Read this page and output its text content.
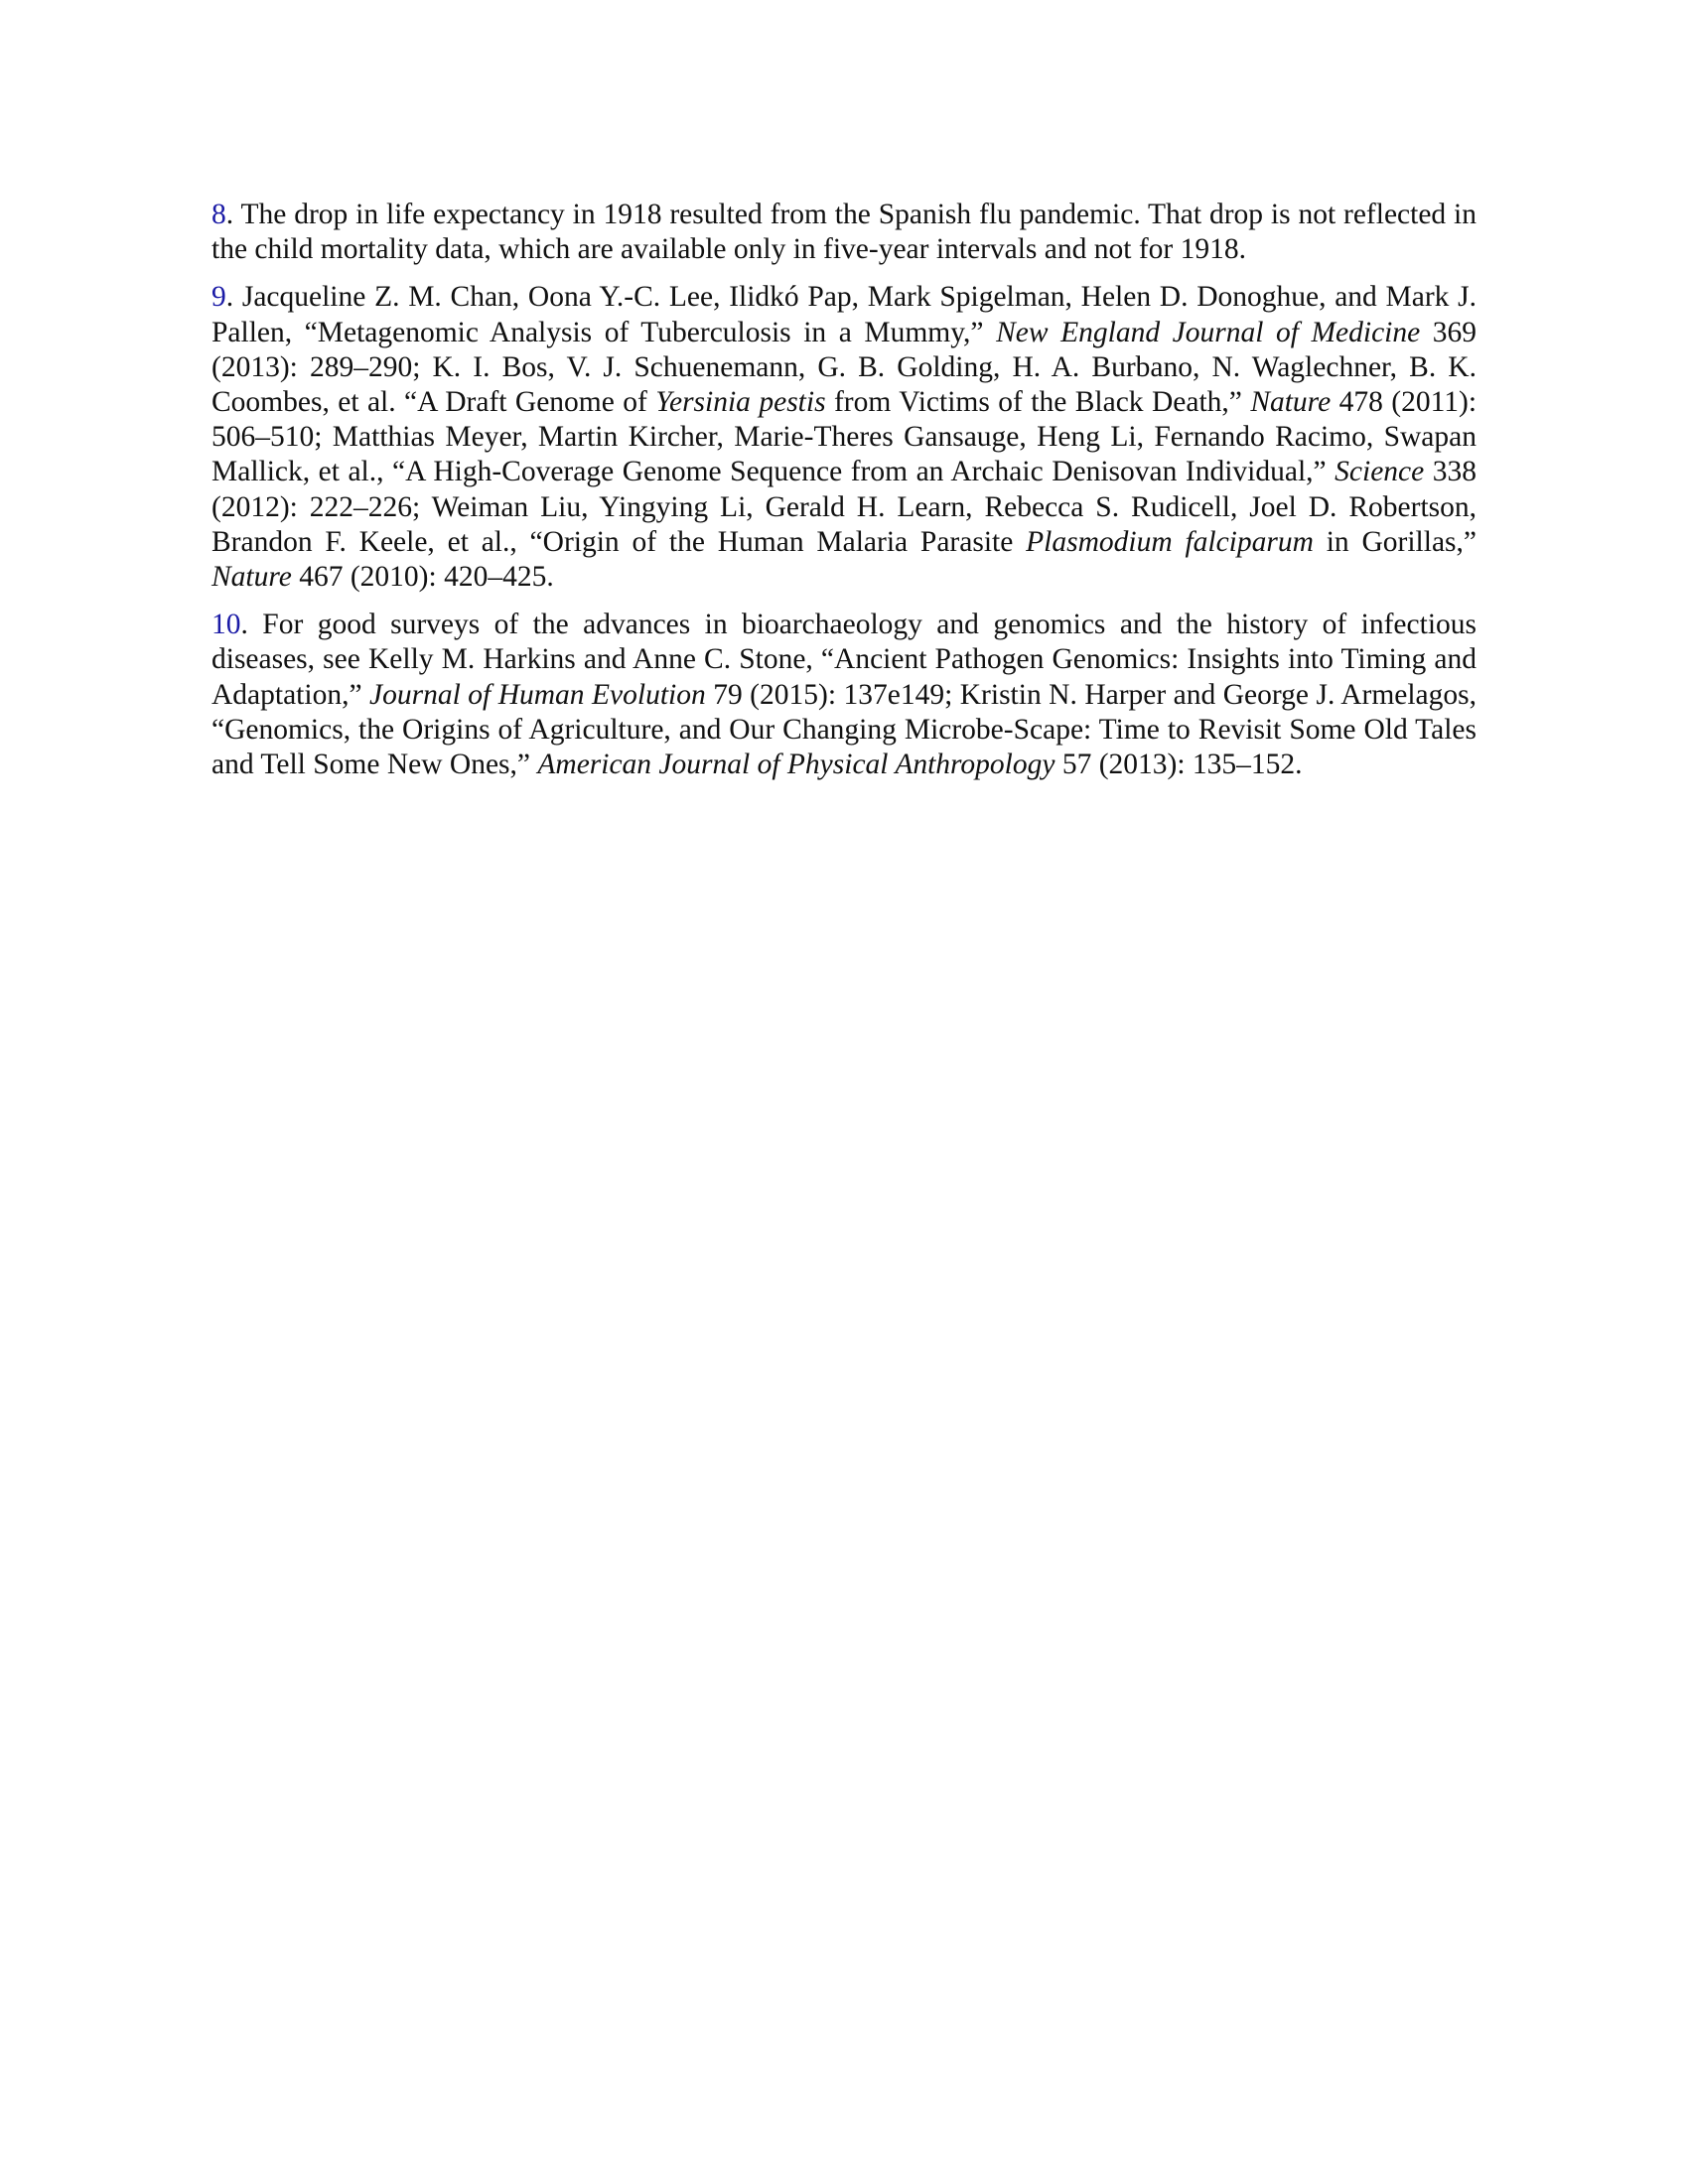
8. The drop in life expectancy in 1918 resulted from the Spanish flu pandemic. That drop is not reflected in the child mortality data, which are available only in five-year intervals and not for 1918.

9. Jacqueline Z. M. Chan, Oona Y.-C. Lee, Ilidkó Pap, Mark Spigelman, Helen D. Donoghue, and Mark J. Pallen, “Metagenomic Analysis of Tuberculosis in a Mummy,” New England Journal of Medicine 369 (2013): 289–290; K. I. Bos, V. J. Schuenemann, G. B. Golding, H. A. Burbano, N. Waglechner, B. K. Coombes, et al. “A Draft Genome of Yersinia pestis from Victims of the Black Death,” Nature 478 (2011): 506–510; Matthias Meyer, Martin Kircher, Marie-Theres Gansauge, Heng Li, Fernando Racimo, Swapan Mallick, et al., “A High-Coverage Genome Sequence from an Archaic Denisovan Individual,” Science 338 (2012): 222–226; Weiman Liu, Yingying Li, Gerald H. Learn, Rebecca S. Rudicell, Joel D. Robertson, Brandon F. Keele, et al., “Origin of the Human Malaria Parasite Plasmodium falciparum in Gorillas,” Nature 467 (2010): 420–425.

10. For good surveys of the advances in bioarchaeology and genomics and the history of infectious diseases, see Kelly M. Harkins and Anne C. Stone, “Ancient Pathogen Genomics: Insights into Timing and Adaptation,” Journal of Human Evolution 79 (2015): 137e149; Kristin N. Harper and George J. Armelagos, “Genomics, the Origins of Agriculture, and Our Changing Microbe-Scape: Time to Revisit Some Old Tales and Tell Some New Ones,” American Journal of Physical Anthropology 57 (2013): 135–152.
